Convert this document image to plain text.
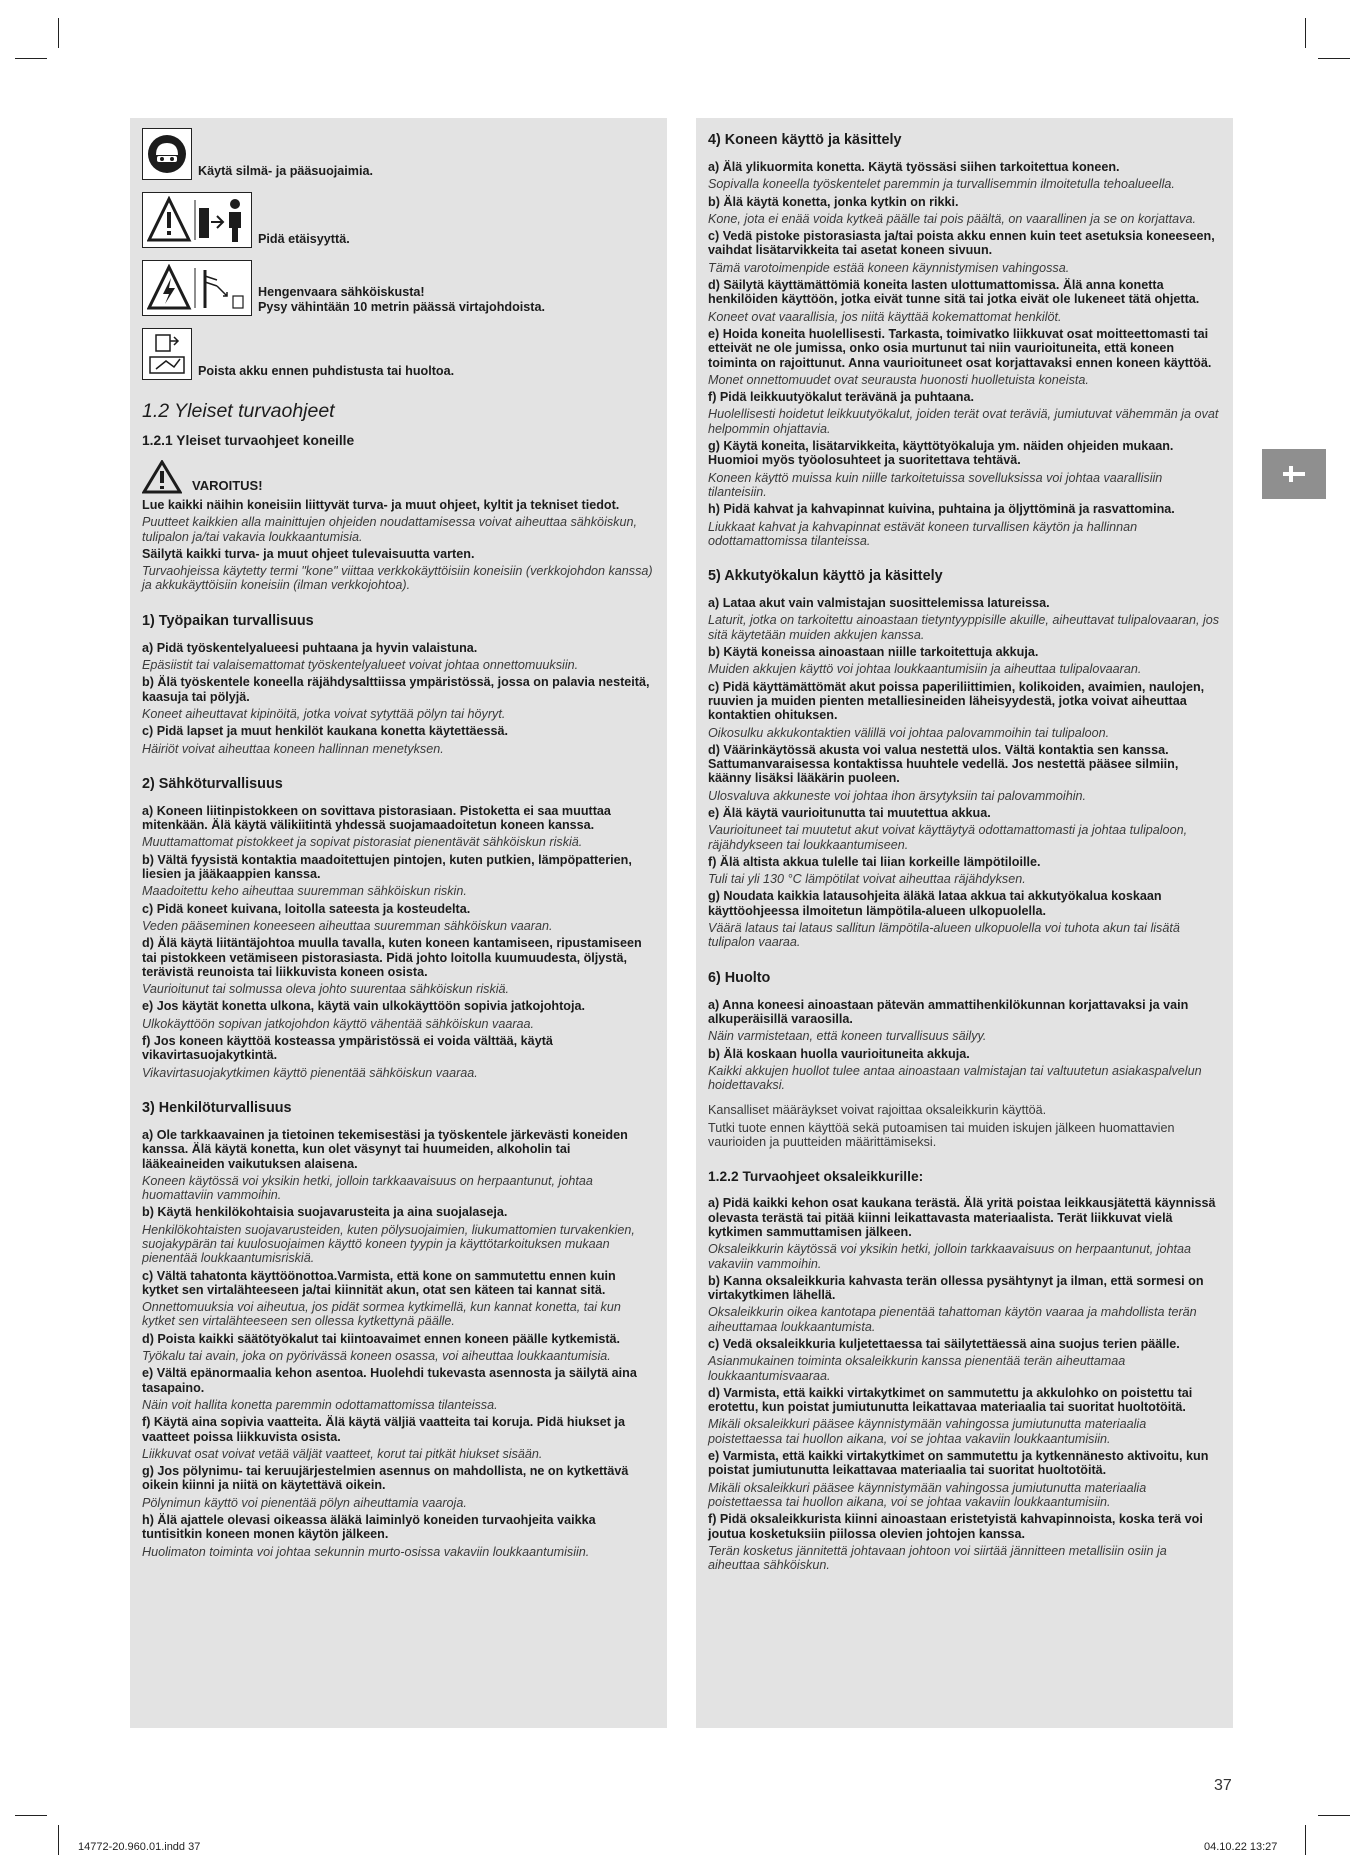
Käytä silmä- ja pääsuojaimia.
Pidä etäisyyttä.
Hengenvaara sähköiskusta!
Pysy vähintään 10 metrin päässä virtajohdoista.
Poista akku ennen puhdistusta tai huoltoa.
1.2 Yleiset turvaohjeet
1.2.1 Yleiset turvaohjeet koneille
VAROITUS!
Lue kaikki näihin koneisiin liittyvät turva- ja muut ohjeet, kyltit ja tekniset tiedot.
Puutteet kaikkien alla mainittujen ohjeiden noudattamisessa voivat aiheuttaa sähköiskun, tulipalon ja/tai vakavia loukkaantumisia.
Säilytä kaikki turva- ja muut ohjeet tulevaisuutta varten.
Turvaohjeissa käytetty termi "kone" viittaa verkkokäyttöisiin koneisiin (verkkojohdon kanssa) ja akkukäyttöisiin koneisiin (ilman verkkojohtoa).
1) Työpaikan turvallisuus
a) Pidä työskentelyalueesi puhtaana ja hyvin valaistuna.
Epäsiistit tai valaisemattomat työskentelyalueet voivat johtaa onnettomuuksiin.
b) Älä työskentele koneella räjähdysalttiissa ympäristössä, jossa on palavia nesteitä, kaasuja tai pölyjä.
Koneet aiheuttavat kipinöitä, jotka voivat sytyttää pölyn tai höyryt.
c) Pidä lapset ja muut henkilöt kaukana konetta käytettäessä.
Häiriöt voivat aiheuttaa koneen hallinnan menetyksen.
2) Sähköturvallisuus
a) Koneen liitinpistokkeen on sovittava pistorasiaan. Pistoketta ei saa muuttaa mitenkään. Älä käytä välikiitintä yhdessä suojamaadoitetun koneen kanssa.
Muuttamattomat pistokkeet ja sopivat pistorasiat pienentävät sähköiskun riskiä.
b) Vältä fyysistä kontaktia maadoitettujen pintojen, kuten putkien, lämpöpatterien, liesien ja jääkaappien kanssa.
Maadoitettu keho aiheuttaa suuremman sähköiskun riskin.
c) Pidä koneet kuivana, loitolla sateesta ja kosteudelta.
Veden pääseminen koneeseen aiheuttaa suuremman sähköiskun vaaran.
d) Älä käytä liitäntäjohtoa muulla tavalla, kuten koneen kantamiseen, ripustamiseen tai pistokkeen vetämiseen pistorasiasta. Pidä johto loitolla kuumuudesta, öljystä, terävistä reunoista tai liikkuvista koneen osista.
Vaurioitunut tai solmussa oleva johto suurentaa sähköiskun riskiä.
e) Jos käytät konetta ulkona, käytä vain ulkokäyttöön sopivia jatkojohtoja.
Ulkokäyttöön sopivan jatkojohdon käyttö vähentää sähköiskun vaaraa.
f) Jos koneen käyttöä kosteassa ympäristössä ei voida välttää, käytä vikavirtasuojakytkintä.
Vikavirtasuojakytkimen käyttö pienentää sähköiskun vaaraa.
3) Henkilöturvallisuus
a) Ole tarkkaavainen ja tietoinen tekemisestäsi ja työskentele järkevästi koneiden kanssa. Älä käytä konetta, kun olet väsynyt tai huumeiden, alkoholin tai lääkeaineiden vaikutuksen alaisena.
Koneen käytössä voi yksikin hetki, jolloin tarkkaavaisuus on herpaantunut, johtaa huomattaviin vammoihin.
b) Käytä henkilökohtaisia suojavarusteita ja aina suojalaseja.
Henkilökohtaisten suojavarusteiden, kuten pölysuojaimien, liukumattomien turvakenkien, suojakypärän tai kuulosuojaimen käyttö koneen tyypin ja käyttötarkoituksen mukaan pienentää loukkaantumisriskiä.
c) Vältä tahatonta käyttöönottoa.Varmista, että kone on sammutettu ennen kuin kytket sen virtalähteeseen ja/tai kiinnität akun, otat sen käteen tai kannat sitä.
Onnettomuuksia voi aiheutua, jos pidät sormea kytkimellä, kun kannat konetta, tai kun kytket sen virtalähteeseen sen ollessa kytkettynä päälle.
d) Poista kaikki säätötyökalut tai kiintoavaimet ennen koneen päälle kytkemistä.
Työkalu tai avain, joka on pyörivässä koneen osassa, voi aiheuttaa loukkaantumisia.
e) Vältä epänormaalia kehon asentoa. Huolehdi tukevasta asennosta ja säilytä aina tasapaino.
Näin voit hallita konetta paremmin odottamattomissa tilanteissa.
f) Käytä aina sopivia vaatteita. Älä käytä väljiä vaatteita tai koruja. Pidä hiukset ja vaatteet poissa liikkuvista osista.
Liikkuvat osat voivat vetää väljät vaatteet, korut tai pitkät hiukset sisään.
g) Jos pölynimu- tai keruujärjestelmien asennus on mahdollista, ne on kytkettävä oikein kiinni ja niitä on käytettävä oikein.
Pölynimun käyttö voi pienentää pölyn aiheuttamia vaaroja.
h) Älä ajattele olevasi oikeassa äläkä laiminlyö koneiden turvaohjeita vaikka tuntisitkin koneen monen käytön jälkeen.
Huolimaton toiminta voi johtaa sekunnin murto-osissa vakaviin loukkaantumisiin.
4) Koneen käyttö ja käsittely
a) Älä ylikuormita konetta. Käytä työssäsi siihen tarkoitettua koneen.
Sopivalla koneella työskentelet paremmin ja turvallisemmin ilmoitetulla tehoalueella.
b) Älä käytä konetta, jonka kytkin on rikki.
Kone, jota ei enää voida kytkeä päälle tai pois päältä, on vaarallinen ja se on korjattava.
c) Vedä pistoke pistorasiasta ja/tai poista akku ennen kuin teet asetuksia koneeseen, vaihdat lisätarvikkeita tai asetat koneen sivuun.
Tämä varotoimenpide estää koneen käynnistymisen vahingossa.
d) Säilytä käyttämättömiä koneita lasten ulottumattomissa. Älä anna konetta henkilöiden käyttöön, jotka eivät tunne sitä tai jotka eivät ole lukeneet tätä ohjetta.
Koneet ovat vaarallisia, jos niitä käyttää kokemattomat henkilöt.
e) Hoida koneita huolellisesti. Tarkasta, toimivatko liikkuvat osat moitteettomasti tai etteivät ne ole jumissa, onko osia murtunut tai niin vaurioituneita, että koneen toiminta on rajoittunut. Anna vaurioituneet osat korjattavaksi ennen koneen käyttöä.
Monet onnettomuudet ovat seurausta huonosti huolletuista koneista.
f) Pidä leikkuutyökalut terävänä ja puhtaana.
Huolellisesti hoidetut leikkuutyökalut, joiden terät ovat teräviä, jumiutuvat vähemmän ja ovat helpommin ohjattavia.
g) Käytä koneita, lisätarvikkeita, käyttötyökaluja ym. näiden ohjeiden mukaan. Huomioi myös työolosuhteet ja suoritettava tehtävä.
Koneen käyttö muissa kuin niille tarkoitetuissa sovelluksissa voi johtaa vaarallisiin tilanteisiin.
h) Pidä kahvat ja kahvapinnat kuivina, puhtaina ja öljyttöminä ja rasvattomina.
Liukkaat kahvat ja kahvapinnat estävät koneen turvallisen käytön ja hallinnan odottamattomissa tilanteissa.
5) Akkutyökalun käyttö ja käsittely
a) Lataa akut vain valmistajan suosittelemissa latureissa.
Laturit, jotka on tarkoitettu ainoastaan tietyntyyppisille akuille, aiheuttavat tulipalovaaran, jos sitä käytetään muiden akkujen kanssa.
b) Käytä koneissa ainoastaan niille tarkoitettuja akkuja.
Muiden akkujen käyttö voi johtaa loukkaantumisiin ja aiheuttaa tulipalovaaran.
c) Pidä käyttämättömät akut poissa paperiliittimien, kolikoiden, avaimien, naulojen, ruuvien ja muiden pienten metalliesineiden läheisyydestä, jotka voivat aiheuttaa kontaktien ohituksen.
Oikosulku akkukontaktien välillä voi johtaa palovammoihin tai tulipaloon.
d) Väärinkäytössä akusta voi valua nestettä ulos. Vältä kontaktia sen kanssa. Sattumanvaraisessa kontaktissa huuhtele vedellä. Jos nestettä pääsee silmiin, käänny lisäksi lääkärin puoleen.
Ulosvaluva akkuneste voi johtaa ihon ärsytyksiin tai palovammoihin.
e) Älä käytä vaurioitunutta tai muutettua akkua.
Vaurioituneet tai muutetut akut voivat käyttäytyä odottamattomasti ja johtaa tulipaloon, räjähdykseen tai loukkaantumiseen.
f) Älä altista akkua tulelle tai liian korkeille lämpötiloille.
Tuli tai yli 130 °C lämpötilat voivat aiheuttaa räjähdyksen.
g) Noudata kaikkia latausohjeita äläkä lataa akkua tai akkutyökalua koskaan käyttöohjeessa ilmoitetun lämpötila-alueen ulkopuolella.
Väärä lataus tai lataus sallitun lämpötila-alueen ulkopuolella voi tuhota akun tai lisätä tulipalon vaaraa.
6) Huolto
a) Anna koneesi ainoastaan pätevän ammattihenkilökunnan korjattavaksi ja vain alkuperäisillä varaosilla.
Näin varmistetaan, että koneen turvallisuus säilyy.
b) Älä koskaan huolla vaurioituneita akkuja.
Kaikki akkujen huollot tulee antaa ainoastaan valmistajan tai valtuutetun asiakaspalvelun hoidettavaksi.
Kansalliset määräykset voivat rajoittaa oksaleikkurin käyttöä.
Tutki tuote ennen käyttöä sekä putoamisen tai muiden iskujen jälkeen huomattavien vaurioiden ja puutteiden määrittämiseksi.
1.2.2 Turvaohjeet oksaleikkurille:
a) Pidä kaikki kehon osat kaukana terästä. Älä yritä poistaa leikkausjätettä käynnissä olevasta terästä tai pitää kiinni leikattavasta materiaalista. Terät liikkuvat vielä kytkimen sammuttamisen jälkeen.
Oksaleikkurin käytössä voi yksikin hetki, jolloin tarkkaavaisuus on herpaantunut, johtaa vakaviin vammoihin.
b) Kanna oksaleikkuria kahvasta terän ollessa pysähtynyt ja ilman, että sormesi on virtakytkimen lähellä.
Oksaleikkurin oikea kantotapa pienentää tahattoman käytön vaaraa ja mahdollista terän aiheuttamaa loukkaantumista.
c) Vedä oksaleikkuria kuljetettaessa tai säilytettäessä aina suojus terien päälle.
Asianmukainen toiminta oksaleikkurin kanssa pienentää terän aiheuttamaa loukkaantumisvaaraa.
d) Varmista, että kaikki virtakytkimet on sammutettu ja akkulohko on poistettu tai erotettu, kun poistat jumiutunutta leikattavaa materiaalia tai suoritat huoltotöitä.
Mikäli oksaleikkuri pääsee käynnistymään vahingossa jumiutunutta materiaalia poistettaessa tai huollon aikana, voi se johtaa vakaviin loukkaantumisiin.
e) Varmista, että kaikki virtakytkimet on sammutettu ja kytkennänesto aktivoitu, kun poistat jumiutunutta leikattavaa materiaalia tai suoritat huoltotöitä.
Mikäli oksaleikkuri pääsee käynnistymään vahingossa jumiutunutta materiaalia poistettaessa tai huollon aikana, voi se johtaa vakaviin loukkaantumisiin.
f) Pidä oksaleikkurista kiinni ainoastaan eristetyistä kahvapinnoista, koska terä voi joutua kosketuksiin piilossa olevien johtojen kanssa.
Terän kosketus jännitettä johtavaan johtoon voi siirtää jännitteen metallisiin osiin ja aiheuttaa sähköiskun.
37
14772-20.960.01.indd 37	04.10.22 13:27
